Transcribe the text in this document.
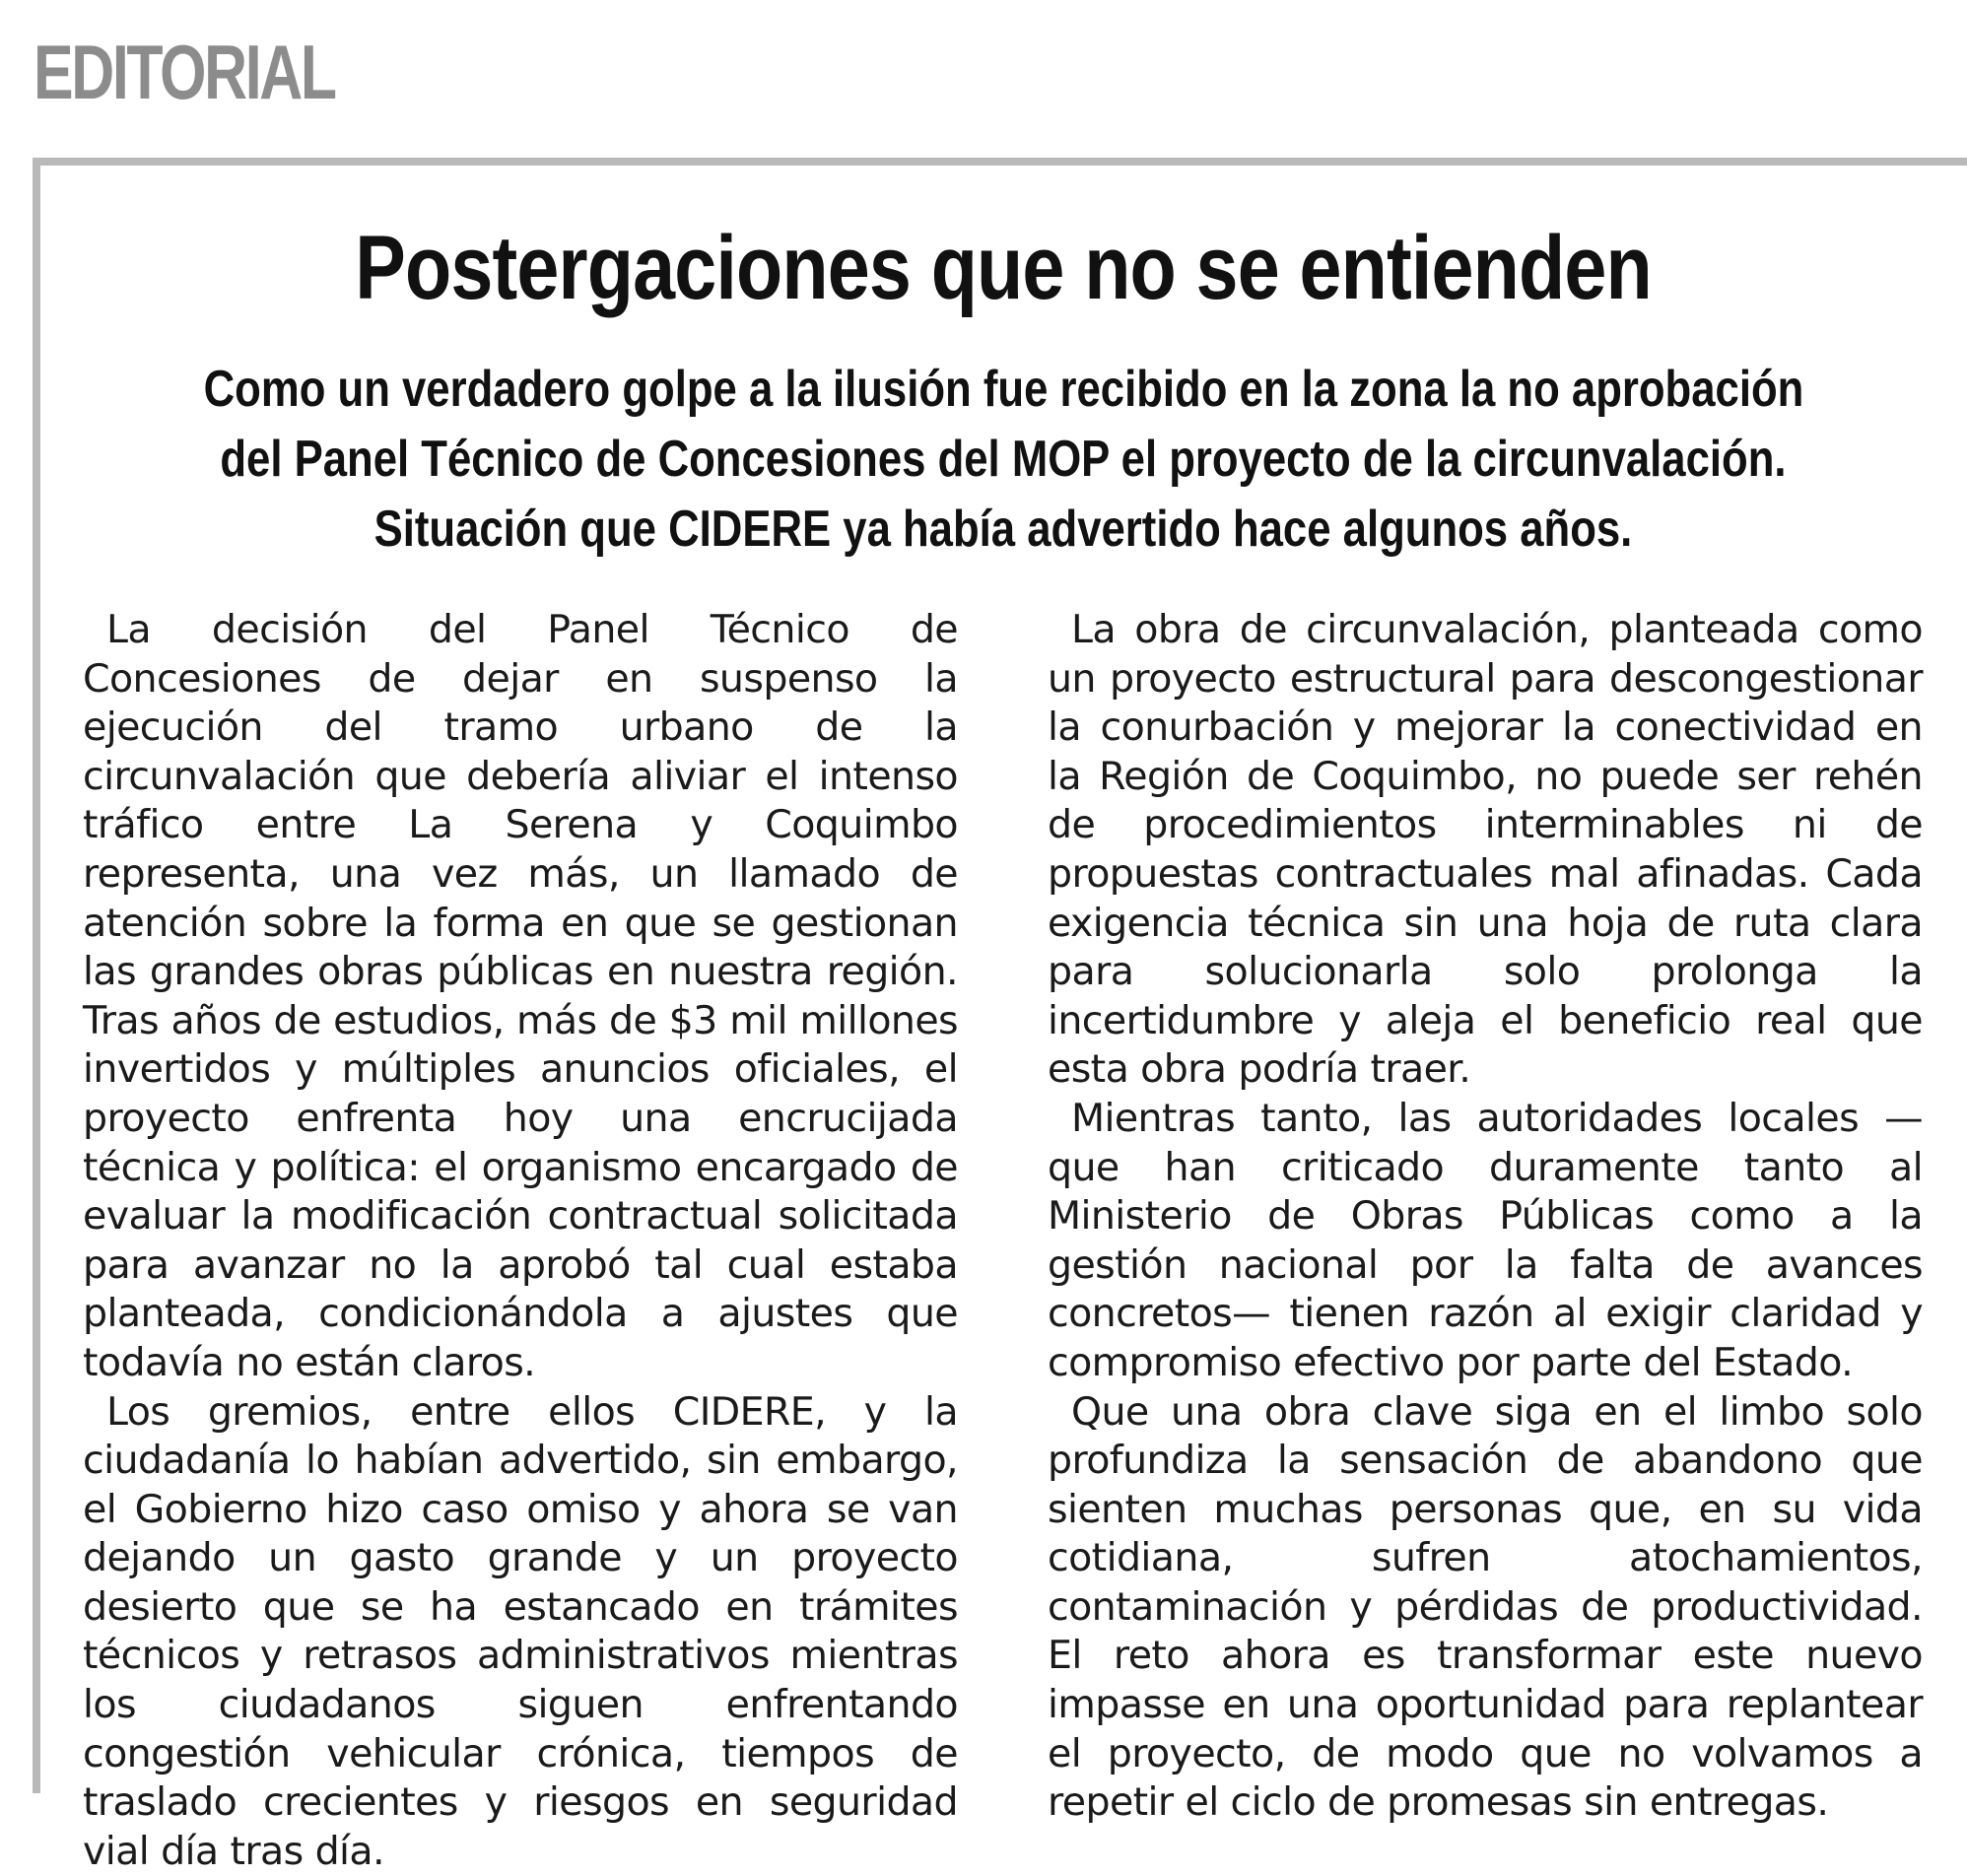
EDITORIAL
Postergaciones que no se entienden
Como un verdadero golpe a la ilusión fue recibido en la zona la no aprobación
del Panel Técnico de Concesiones del MOP el proyecto de la circunvalación.
Situación que CIDERE ya había advertido hace algunos años.

La decisión del Panel Técnico de Concesiones de dejar en suspenso la ejecución del tramo urbano de la circunvalación que debería aliviar el intenso tráfico entre La Serena y Coquimbo representa, una vez más, un llamado de atención sobre la forma en que se gestionan las grandes obras públicas en nuestra región. Tras años de estudios, más de $3 mil millones invertidos y múltiples anuncios oficiales, el proyecto enfrenta hoy una encrucijada técnica y política: el organismo encargado de evaluar la modificación contractual solicitada para avanzar no la aprobó tal cual estaba planteada, condicionándola a ajustes que todavía no están claros.

Los gremios, entre ellos CIDERE, y la ciudadanía lo habían advertido, sin embargo, el Gobierno hizo caso omiso y ahora se van dejando un gasto grande y un proyecto desierto que se ha estancado en trámites técnicos y retrasos administrativos mientras los ciudadanos siguen enfrentando congestión vehicular crónica, tiempos de traslado crecientes y riesgos en seguridad vial día tras día.

La obra de circunvalación, planteada como un proyecto estructural para descongestionar la conurbación y mejorar la conectividad en la Región de Coquimbo, no puede ser rehén de procedimientos interminables ni de propuestas contractuales mal afinadas. Cada exigencia técnica sin una hoja de ruta clara para solucionarla solo prolonga la incertidumbre y aleja el beneficio real que esta obra podría traer.

Mientras tanto, las autoridades locales —que han criticado duramente tanto al Ministerio de Obras Públicas como a la gestión nacional por la falta de avances concretos— tienen razón al exigir claridad y compromiso efectivo por parte del Estado.

Que una obra clave siga en el limbo solo profundiza la sensación de abandono que sienten muchas personas que, en su vida cotidiana, sufren atochamientos, contaminación y pérdidas de productividad. El reto ahora es transformar este nuevo impasse en una oportunidad para replantear el proyecto, de modo que no volvamos a repetir el ciclo de promesas sin entregas.
